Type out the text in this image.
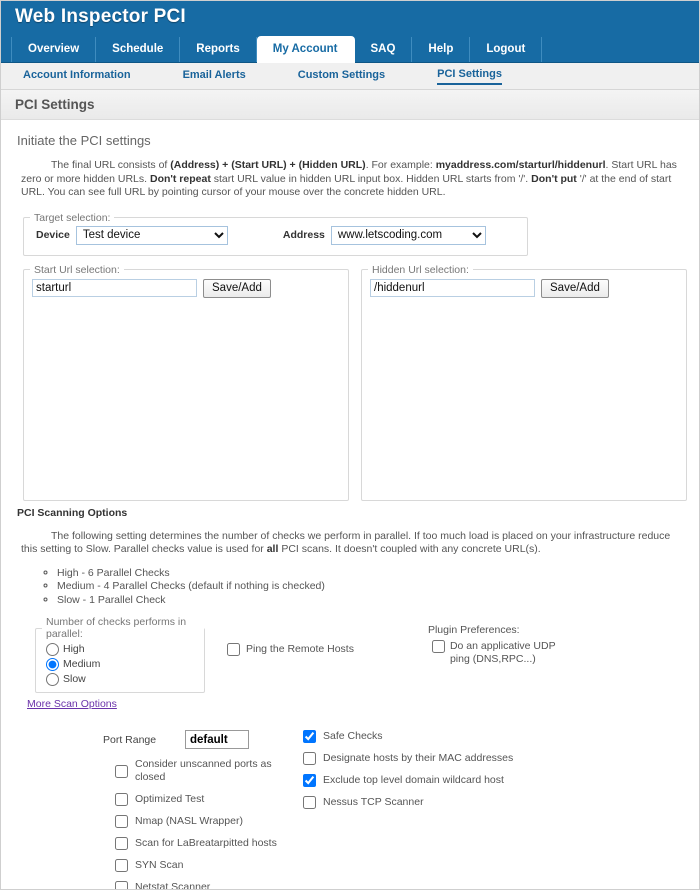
Web Inspector PCI
Overview	Schedule	Reports	My Account	SAQ	Help	Logout
Account Information	Email Alerts	Custom Settings	PCI Settings
PCI Settings
Initiate the PCI settings

The final URL consists of (Address) + (Start URL) + (Hidden URL). For example: myaddress.com/starturl/hiddenurl. Start URL has zero or more hidden URLs. Don't repeat start URL value in hidden URL input box. Hidden URL starts from '/'. Don't put '/' at the end of start URL. You can see full URL by pointing cursor of your mouse over the concrete hidden URL.

Target selection:
Device
Test device	Address
www.letscoding.com
Start Url selection:
starturl
Save/Add
Hidden Url selection:
/hiddenurl
Save/Add
PCI Scanning Options

The following setting determines the number of checks we perform in parallel. If too much load is placed on your infrastructure reduce this setting to Slow. Parallel checks value is used for all PCI scans. It doesn't coupled with any concrete URL(s).

◦ High - 6 Parallel Checks
◦ Medium - 4 Parallel Checks (default if nothing is checked)
◦ Slow - 1 Parallel Check
Number of checks performs in parallel:
High
Medium
Slow
Ping the Remote Hosts
Plugin Preferences:
Do an applicative UDP ping (DNS,RPC...)
More Scan Options
Port Range
default
Consider unscanned ports as closed
Optimized Test
Nmap (NASL Wrapper)
Scan for LaBreatarpitted hosts
SYN Scan
Netstat Scanner
Safe Checks
Designate hosts by their MAC addresses
Exclude top level domain wildcard host
Nessus TCP Scanner
